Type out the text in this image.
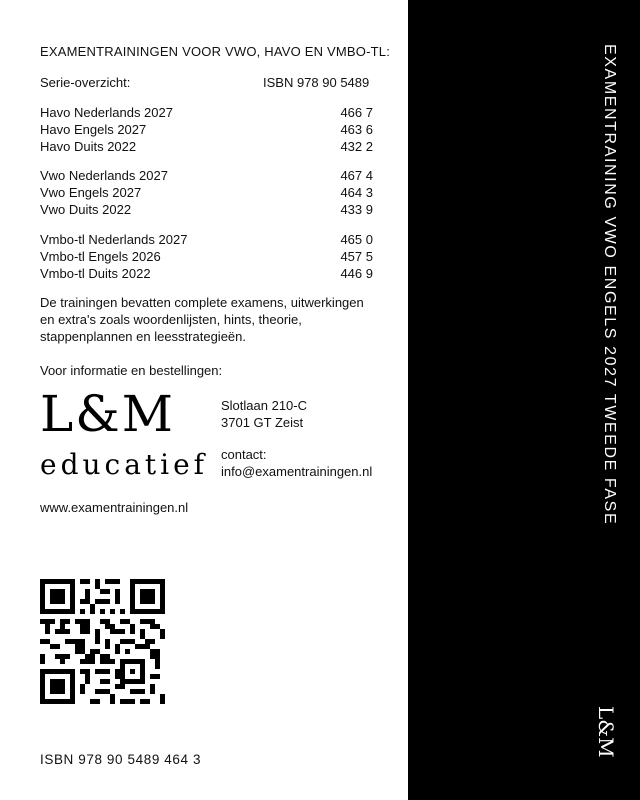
EXAMENTRAININGEN VOOR VWO, HAVO EN VMBO-TL:
Serie-overzicht:	ISBN 978 90 5489
Havo Nederlands 2027	466 7
Havo Engels 2027	463 6
Havo Duits 2022	432 2
Vwo Nederlands 2027	467 4
Vwo Engels 2027	464 3
Vwo Duits 2022	433 9
Vmbo-tl Nederlands 2027	465 0
Vmbo-tl Engels 2026	457 5
Vmbo-tl Duits 2022	446 9
De trainingen bevatten complete examens, uitwerkingen en extra's zoals woordenlijsten, hints, theorie, stappenplannen en leesstrategieën.
Voor informatie en bestellingen:
L&M
educatief
Slotlaan 210-C
3701 GT Zeist
contact:
info@examentrainingen.nl
www.examentrainingen.nl
ISBN 978 90 5489 464 3
EXAMENTRAINING VWO ENGELS 2027 TWEEDE FASE
L&M
